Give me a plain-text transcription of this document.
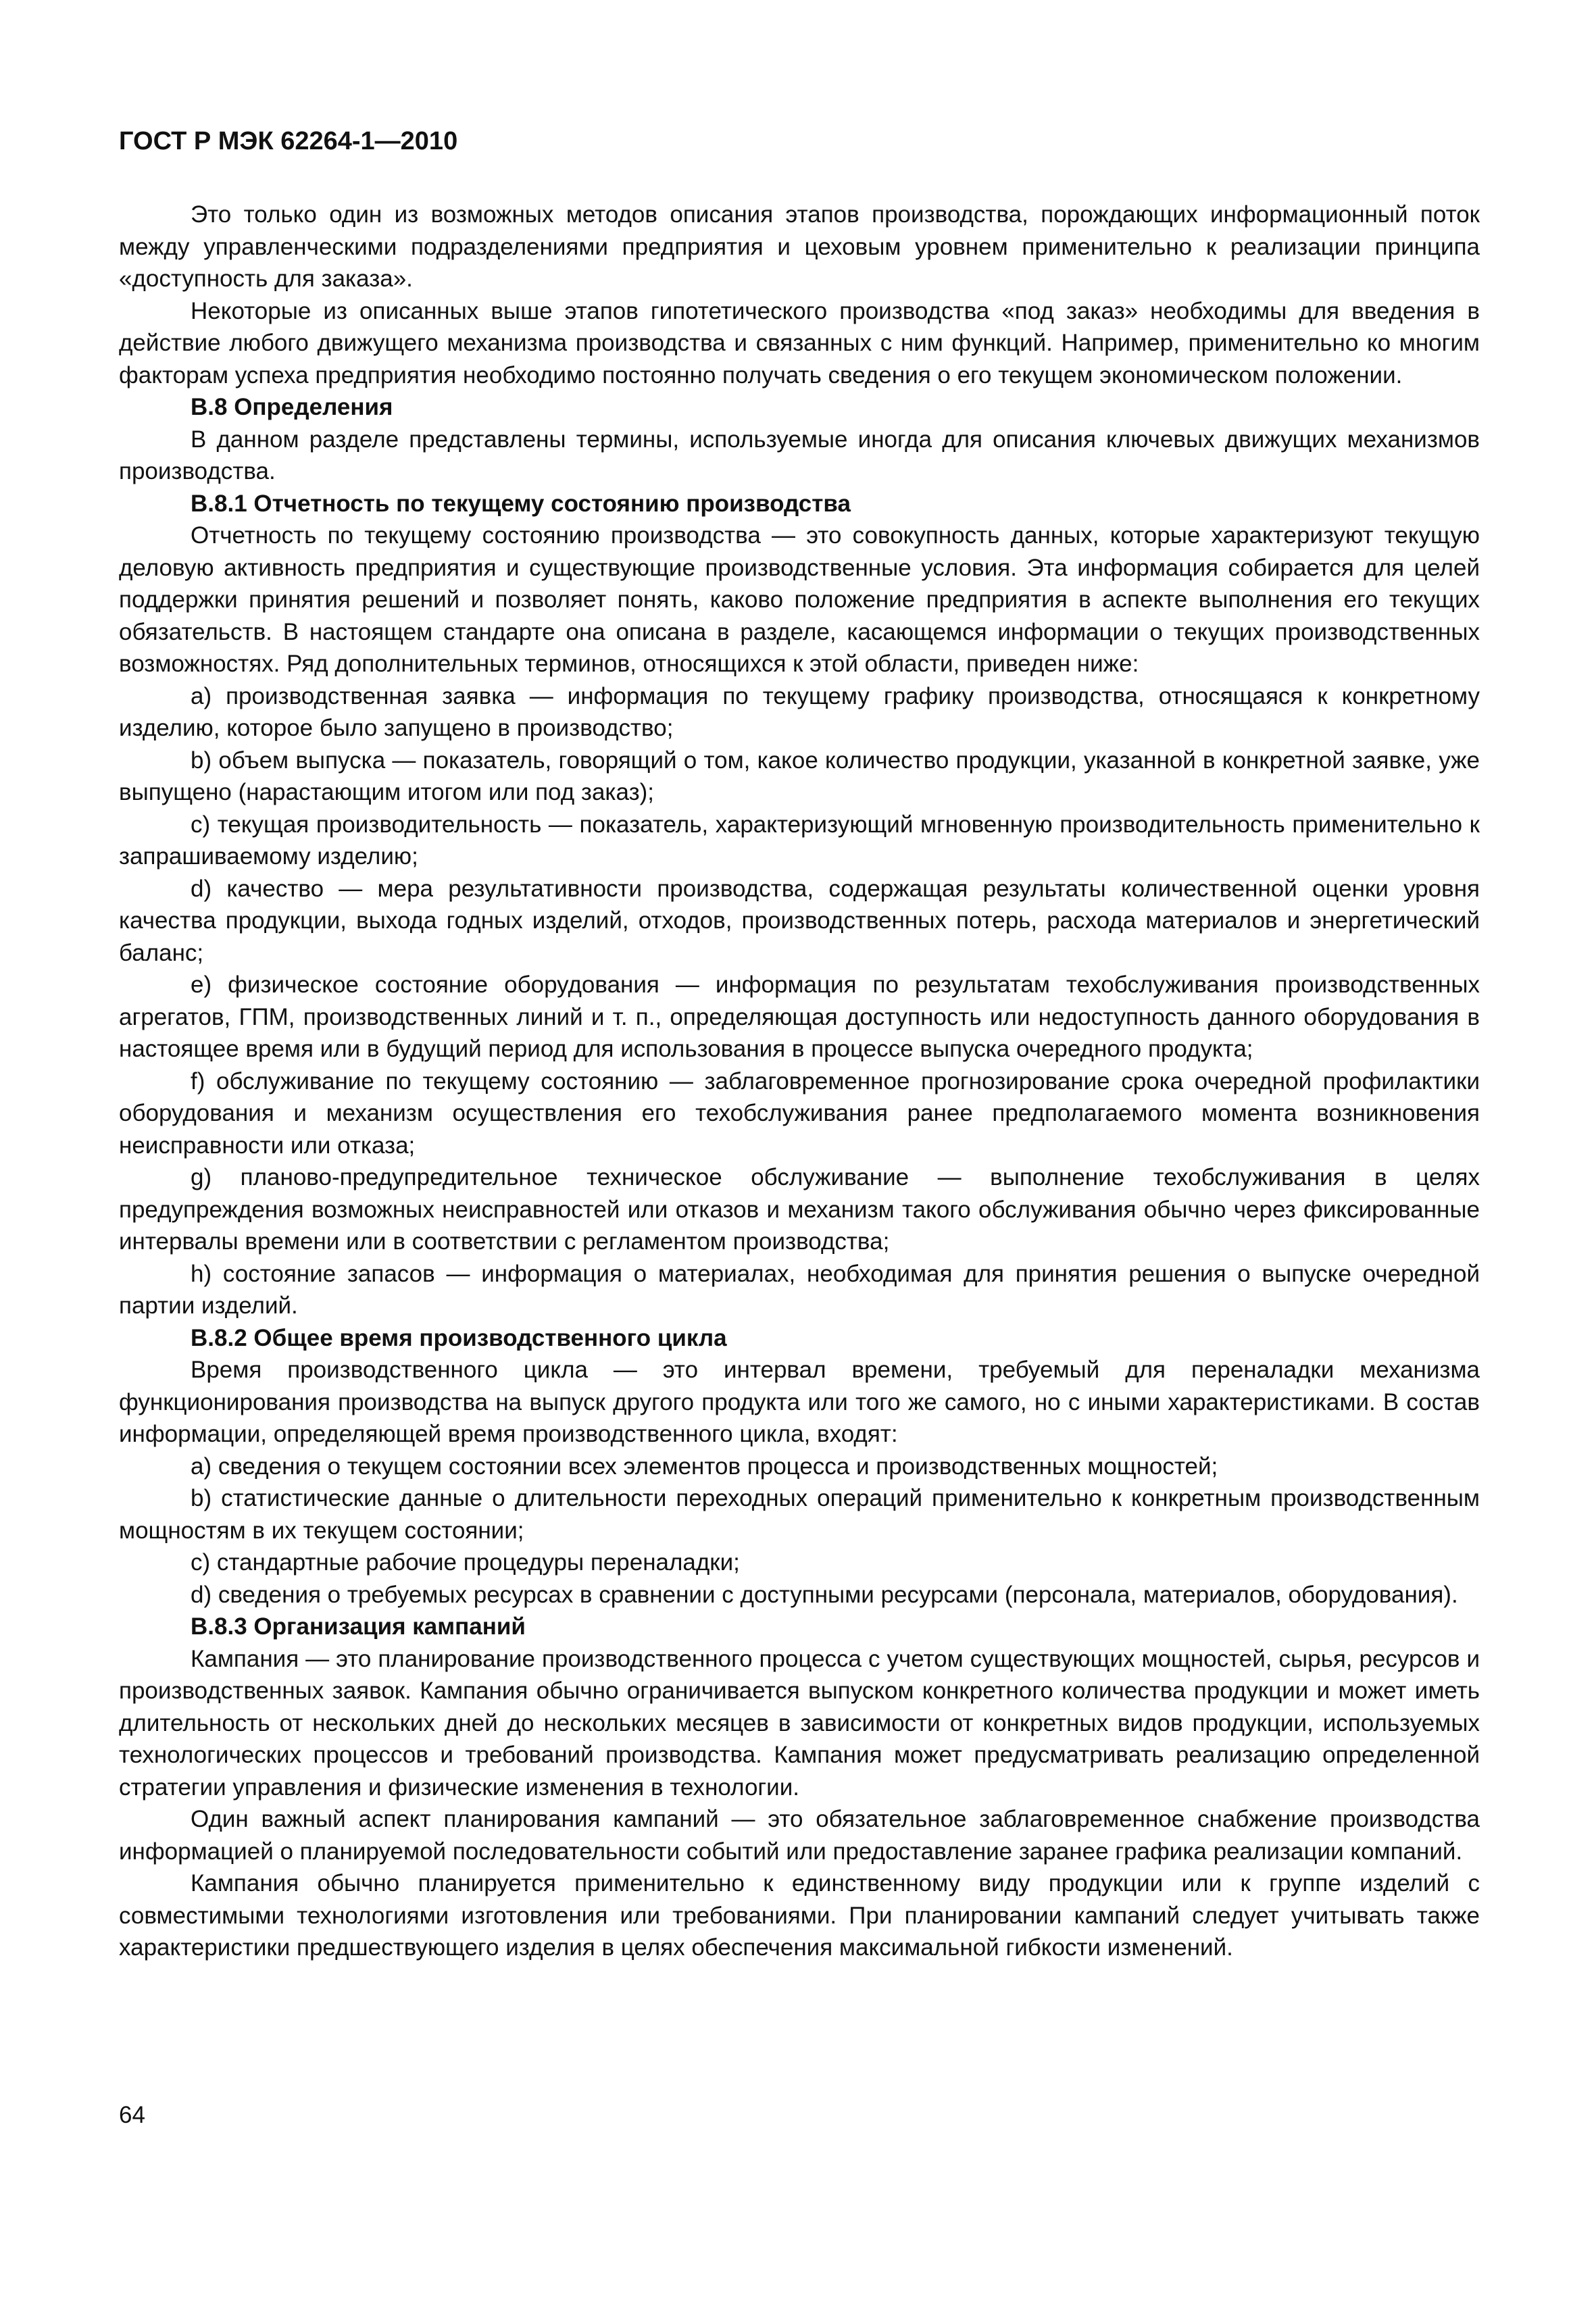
ГОСТ Р МЭК 62264-1—2010

Это только один из возможных методов описания этапов производства, порождающих информационный поток между управленческими подразделениями предприятия и цеховым уровнем применительно к реализации принципа «доступность для заказа».

Некоторые из описанных выше этапов гипотетического производства «под заказ» необходимы для введения в действие любого движущего механизма производства и связанных с ним функций. Например, применительно ко многим факторам успеха предприятия необходимо постоянно получать сведения о его текущем экономическом положении.

В.8 Определения

В данном разделе представлены термины, используемые иногда для описания ключевых движущих механизмов производства.

В.8.1 Отчетность по текущему состоянию производства

Отчетность по текущему состоянию производства — это совокупность данных, которые характеризуют текущую деловую активность предприятия и существующие производственные условия. Эта информация собирается для целей поддержки принятия решений и позволяет понять, каково положение предприятия в аспекте выполнения его текущих обязательств. В настоящем стандарте она описана в разделе, касающемся информации о текущих производственных возможностях. Ряд дополнительных терминов, относящихся к этой области, приведен ниже:

a) производственная заявка — информация по текущему графику производства, относящаяся к конкретному изделию, которое было запущено в производство;

b) объем выпуска — показатель, говорящий о том, какое количество продукции, указанной в конкретной заявке, уже выпущено (нарастающим итогом или под заказ);

c) текущая производительность — показатель, характеризующий мгновенную производительность применительно к запрашиваемому изделию;

d) качество — мера результативности производства, содержащая результаты количественной оценки уровня качества продукции, выхода годных изделий, отходов, производственных потерь, расхода материалов и энергетический баланс;

e) физическое состояние оборудования — информация по результатам техобслуживания производственных агрегатов, ГПМ, производственных линий и т. п., определяющая доступность или недоступность данного оборудования в настоящее время или в будущий период для использования в процессе выпуска очередного продукта;

f) обслуживание по текущему состоянию — заблаговременное прогнозирование срока очередной профилактики оборудования и механизм осуществления его техобслуживания ранее предполагаемого момента возникновения неисправности или отказа;

g) планово-предупредительное техническое обслуживание — выполнение техобслуживания в целях предупреждения возможных неисправностей или отказов и механизм такого обслуживания обычно через фиксированные интервалы времени или в соответствии с регламентом производства;

h) состояние запасов — информация о материалах, необходимая для принятия решения о выпуске очередной партии изделий.

В.8.2 Общее время производственного цикла

Время производственного цикла — это интервал времени, требуемый для переналадки механизма функционирования производства на выпуск другого продукта или того же самого, но с иными характеристиками. В состав информации, определяющей время производственного цикла, входят:

a) сведения о текущем состоянии всех элементов процесса и производственных мощностей;

b) статистические данные о длительности переходных операций применительно к конкретным производственным мощностям в их текущем состоянии;

c) стандартные рабочие процедуры переналадки;

d) сведения о требуемых ресурсах в сравнении с доступными ресурсами (персонала, материалов, оборудования).

В.8.3 Организация кампаний

Кампания — это планирование производственного процесса с учетом существующих мощностей, сырья, ресурсов и производственных заявок. Кампания обычно ограничивается выпуском конкретного количества продукции и может иметь длительность от нескольких дней до нескольких месяцев в зависимости от конкретных видов продукции, используемых технологических процессов и требований производства. Кампания может предусматривать реализацию определенной стратегии управления и физические изменения в технологии.

Один важный аспект планирования кампаний — это обязательное заблаговременное снабжение производства информацией о планируемой последовательности событий или предоставление заранее графика реализации компаний.

Кампания обычно планируется применительно к единственному виду продукции или к группе изделий с совместимыми технологиями изготовления или требованиями. При планировании кампаний следует учитывать также характеристики предшествующего изделия в целях обеспечения максимальной гибкости изменений.

64
